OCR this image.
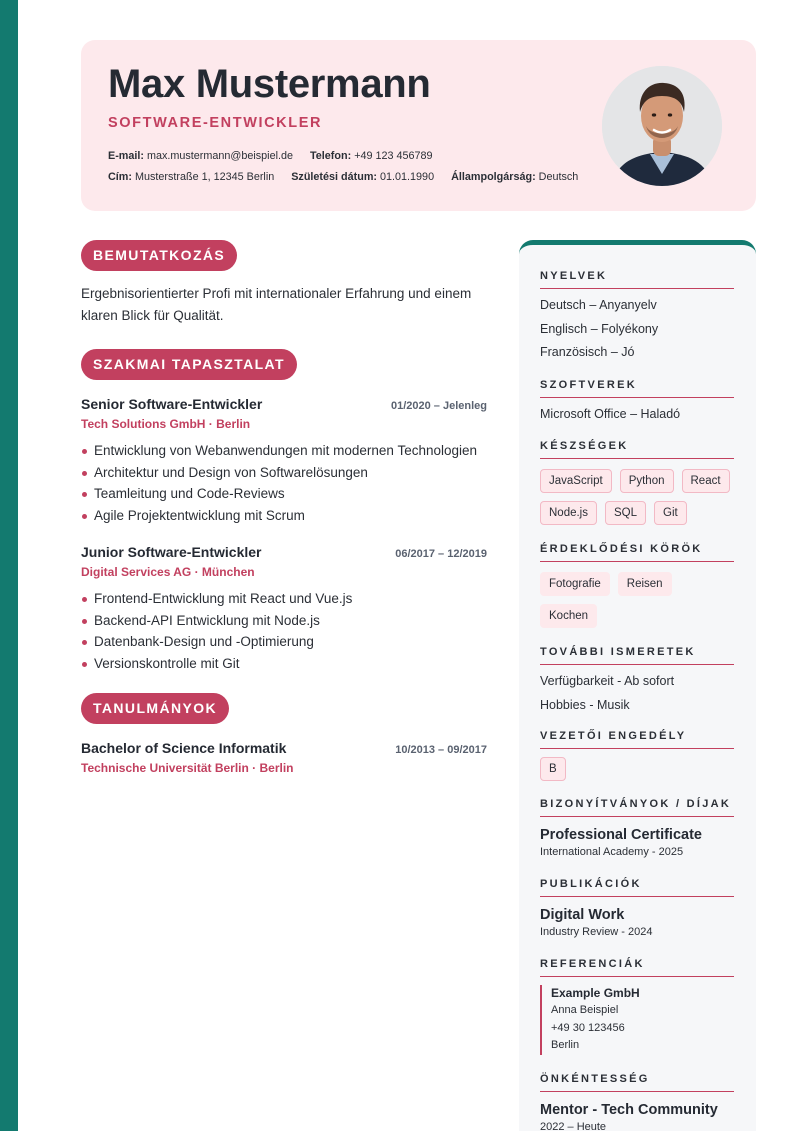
Max Mustermann
SOFTWARE-ENTWICKLER
E-mail: max.mustermann@beispiel.de Telefon: +49 123 456789
Cím: Musterstraße 1, 12345 Berlin Születési dátum: 01.01.1990 Állampolgárság: Deutsch
BEMUTATKOZÁS

Ergebnisorientierter Profi mit internationaler Erfahrung und einem klaren Blick für Qualität.

SZAKMAI TAPASZTALAT
Senior Software-Entwickler	01/2020 – Jelenleg
Tech Solutions GmbH · Berlin
Entwicklung von Webanwendungen mit modernen Technologien
Architektur und Design von Softwarelösungen
Teamleitung und Code-Reviews
Agile Projektentwicklung mit Scrum
Junior Software-Entwickler	06/2017 – 12/2019
Digital Services AG · München
Frontend-Entwicklung mit React und Vue.js
Backend-API Entwicklung mit Node.js
Datenbank-Design und -Optimierung
Versionskontrolle mit Git
TANULMÁNYOK
Bachelor of Science Informatik	10/2013 – 09/2017
Technische Universität Berlin · Berlin
NYELVEK
Deutsch – Anyanyelv
Englisch – Folyékony
Französisch – Jó
SZOFTVEREK
Microsoft Office – Haladó
KÉSZSÉGEK
JavaScript	Python	React
Node.js	SQL	Git
ÉRDEKLŐDÉSI KÖRÖK
Fotografie	Reisen
Kochen
TOVÁBBI ISMERETEK
Verfügbarkeit - Ab sofort
Hobbies - Musik
VEZETŐI ENGEDÉLY
B
BIZONYÍTVÁNYOK / DÍJAK
Professional Certificate
International Academy - 2025
PUBLIKÁCIÓK
Digital Work
Industry Review - 2024
REFERENCIÁK
Example GmbH
Anna Beispiel
+49 30 123456
Berlin
ÖNKÉNTESSÉG
Mentor - Tech Community
2022 – Heute
